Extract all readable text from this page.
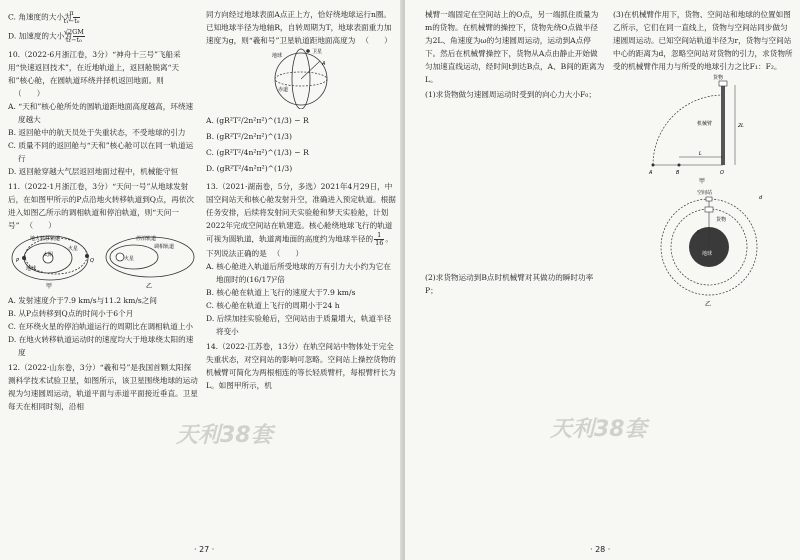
C. 角速度的大小为 $\frac{\pi}{\text{t₁−t₀}}$

D. 加速度的大小为 $\frac{√2GM}{\text{t₁−t₀}}$

10.（2022·6月浙江卷，3分）“神舟十三号”飞船采用“快速返回技术”，在近地轨道上，返回舱脱离“天和”核心舱，在圆轨道环绕并择机返回地面。则（　　）

A. “天和”核心舱所处的圆轨道距地面高度越高，环绕速度越大

B. 返回舱中的航天员处于失重状态，不受地球的引力

C. 质量不同的返回舱与“天和”核心舱可以在同一轨道运行

D. 返回舱穿越大气层返回地面过程中，机械能守恒

11.（2022·1月浙江卷，3分）“天问一号”从地球发射后，在如图甲所示的P点沿地火转移轨道到Q点，再依次进入如图乙所示的调相轨道和停泊轨道，则“天问一号” （　　）

地火转移轨道
火星
太阳
地球
P	Q
甲
停泊轨道
调相轨道
火星
乙

A. 发射速度介于7.9 km/s与11.2 km/s之间

B. 从P点转移到Q点的时间小于6个月

C. 在环绕火星的停泊轨道运行的周期比在调相轨道上小

D. 在地火转移轨道运动时的速度均大于地球绕太阳的速度

12.（2022·山东卷，3分）“羲和号”是我国首颗太阳探测科学技术试验卫星，如图所示，该卫星围绕地球的运动视为匀速圆周运动，轨道平面与赤道平面接近垂直。卫星每天在相同时刻，沿相

同方向经过地球表面A点正上方，恰好绕地球运行n圈。已知地球半径为地轴R，自转周期为T，地球表面重力加速度为g，则“羲和号”卫星轨道距地面高度为 （　　）

地球
卫星
A
赤道

A. (gR²T²/2n²π²)^(1/3) − R

B. (gR²T²/2n²π²)^(1/3)

C. (gR²T²/4n²π²)^(1/3) − R

D. (gR²T²/4n²π²)^(1/3)

13.（2021·湖南卷，5分，多选）2021年4月29日，中国空间站天和核心舱发射升空，准确进入预定轨道。根据任务安排，后续将发射问天实验舱和梦天实验舱，计划2022年完成空间站在轨建造。核心舱绕地球飞行的轨道可视为圆轨道，轨道离地面的高度约为地球半径的 $\frac{1}{16}$ 。下列说法正确的是 （　　）

A. 核心舱进入轨道后所受地球的万有引力大小约为它在地面时的(16/17)²倍

B. 核心舱在轨道上飞行的速度大于7.9 km/s

C. 核心舱在轨道上飞行的周期小于24 h

D. 后续加挂实验舱后，空间站由于质量增大，轨道半径将变小

14.（2022·江苏卷，13分）在轨空间站中物体处于完全失重状态，对空间站的影响可忽略。空间站上操控货物的机械臂可简化为两根相连的等长轻质臂杆，每根臂杆长为L。如图甲所示，机

天利38套
· 27 ·

械臂一端固定在空间站上的O点，另一端抓住质量为m的货物。在机械臂的操控下，货物先绕O点做半径为2L、角速度为ω的匀速圆周运动，运动到A点停下。然后在机械臂操控下，货物从A点由静止开始做匀加速直线运动，经时间t到达B点，A、B间的距离为L。

(1)求货物做匀速圆周运动时受到的向心力大小F₀；

(2)求货物运动到B点时机械臂对其做功的瞬时功率P；

(3)在机械臂作用下，货物、空间站和地球的位置如图乙所示，它们在同一直线上，货物与空间站同步做匀速圆周运动。已知空间站轨道半径为r，货物与空间站中心的距离为d，忽略空间站对货物的引力，求货物所受的机械臂作用力与所受的地球引力之比F₁：F₂。

货物
机械臂	2L
L
A	B	O
甲

空间站
货物
r
d
地球
乙
天利38套
· 28 ·
